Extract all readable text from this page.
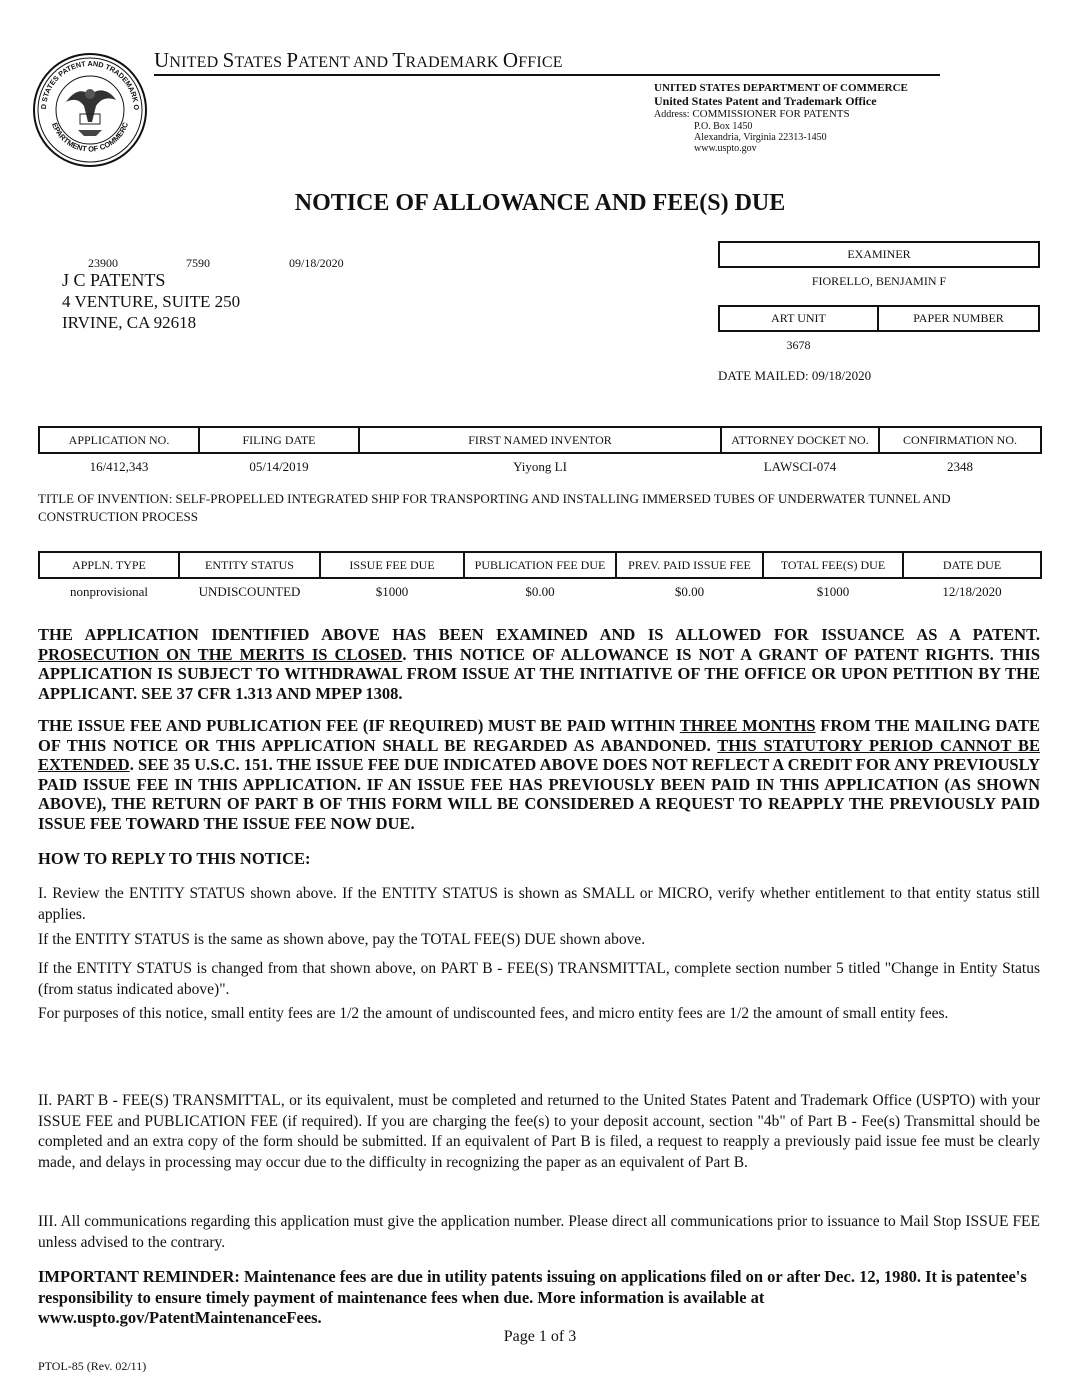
D STATES PATENT AND TRADEMARK O
EPARTMENT OF COMMERC
UNITED STATES PATENT AND TRADEMARK OFFICE
UNITED STATES DEPARTMENT OF COMMERCE
United States Patent and Trademark Office
Address: COMMISSIONER FOR PATENTS
P.O. Box 1450
Alexandria, Virginia 22313-1450
www.uspto.gov
NOTICE OF ALLOWANCE AND FEE(S) DUE
23900	7590	09/18/2020
J C PATENTS
4 VENTURE, SUITE 250
IRVINE, CA 92618
EXAMINER
FIORELLO, BENJAMIN F
ART UNIT	PAPER NUMBER
3678
DATE MAILED: 09/18/2020
APPLICATION NO.	FILING DATE	FIRST NAMED INVENTOR	ATTORNEY DOCKET NO.	CONFIRMATION NO.
16/412,343	05/14/2019	Yiyong LI	LAWSCI-074	2348
TITLE OF INVENTION: SELF-PROPELLED INTEGRATED SHIP FOR TRANSPORTING AND INSTALLING IMMERSED TUBES OF UNDERWATER TUNNEL AND CONSTRUCTION PROCESS
APPLN. TYPE	ENTITY STATUS	ISSUE FEE DUE	PUBLICATION FEE DUE	PREV. PAID ISSUE FEE	TOTAL FEE(S) DUE	DATE DUE
nonprovisional	UNDISCOUNTED	$1000	$0.00	$0.00	$1000	12/18/2020
THE APPLICATION IDENTIFIED ABOVE HAS BEEN EXAMINED AND IS ALLOWED FOR ISSUANCE AS A PATENT. PROSECUTION ON THE MERITS IS CLOSED. THIS NOTICE OF ALLOWANCE IS NOT A GRANT OF PATENT RIGHTS. THIS APPLICATION IS SUBJECT TO WITHDRAWAL FROM ISSUE AT THE INITIATIVE OF THE OFFICE OR UPON PETITION BY THE APPLICANT. SEE 37 CFR 1.313 AND MPEP 1308.
THE ISSUE FEE AND PUBLICATION FEE (IF REQUIRED) MUST BE PAID WITHIN THREE MONTHS FROM THE MAILING DATE OF THIS NOTICE OR THIS APPLICATION SHALL BE REGARDED AS ABANDONED. THIS STATUTORY PERIOD CANNOT BE EXTENDED. SEE 35 U.S.C. 151. THE ISSUE FEE DUE INDICATED ABOVE DOES NOT REFLECT A CREDIT FOR ANY PREVIOUSLY PAID ISSUE FEE IN THIS APPLICATION. IF AN ISSUE FEE HAS PREVIOUSLY BEEN PAID IN THIS APPLICATION (AS SHOWN ABOVE), THE RETURN OF PART B OF THIS FORM WILL BE CONSIDERED A REQUEST TO REAPPLY THE PREVIOUSLY PAID ISSUE FEE TOWARD THE ISSUE FEE NOW DUE.
HOW TO REPLY TO THIS NOTICE:
I. Review the ENTITY STATUS shown above. If the ENTITY STATUS is shown as SMALL or MICRO, verify whether entitlement to that entity status still applies.
If the ENTITY STATUS is the same as shown above, pay the TOTAL FEE(S) DUE shown above.
If the ENTITY STATUS is changed from that shown above, on PART B - FEE(S) TRANSMITTAL, complete section number 5 titled "Change in Entity Status (from status indicated above)".
For purposes of this notice, small entity fees are 1/2 the amount of undiscounted fees, and micro entity fees are 1/2 the amount of small entity fees.
II. PART B - FEE(S) TRANSMITTAL, or its equivalent, must be completed and returned to the United States Patent and Trademark Office (USPTO) with your ISSUE FEE and PUBLICATION FEE (if required). If you are charging the fee(s) to your deposit account, section "4b" of Part B - Fee(s) Transmittal should be completed and an extra copy of the form should be submitted. If an equivalent of Part B is filed, a request to reapply a previously paid issue fee must be clearly made, and delays in processing may occur due to the difficulty in recognizing the paper as an equivalent of Part B.
III. All communications regarding this application must give the application number. Please direct all communications prior to issuance to Mail Stop ISSUE FEE unless advised to the contrary.
IMPORTANT REMINDER: Maintenance fees are due in utility patents issuing on applications filed on or after Dec. 12, 1980. It is patentee's responsibility to ensure timely payment of maintenance fees when due. More information is available at www.uspto.gov/PatentMaintenanceFees.
Page 1 of 3
PTOL-85 (Rev. 02/11)
